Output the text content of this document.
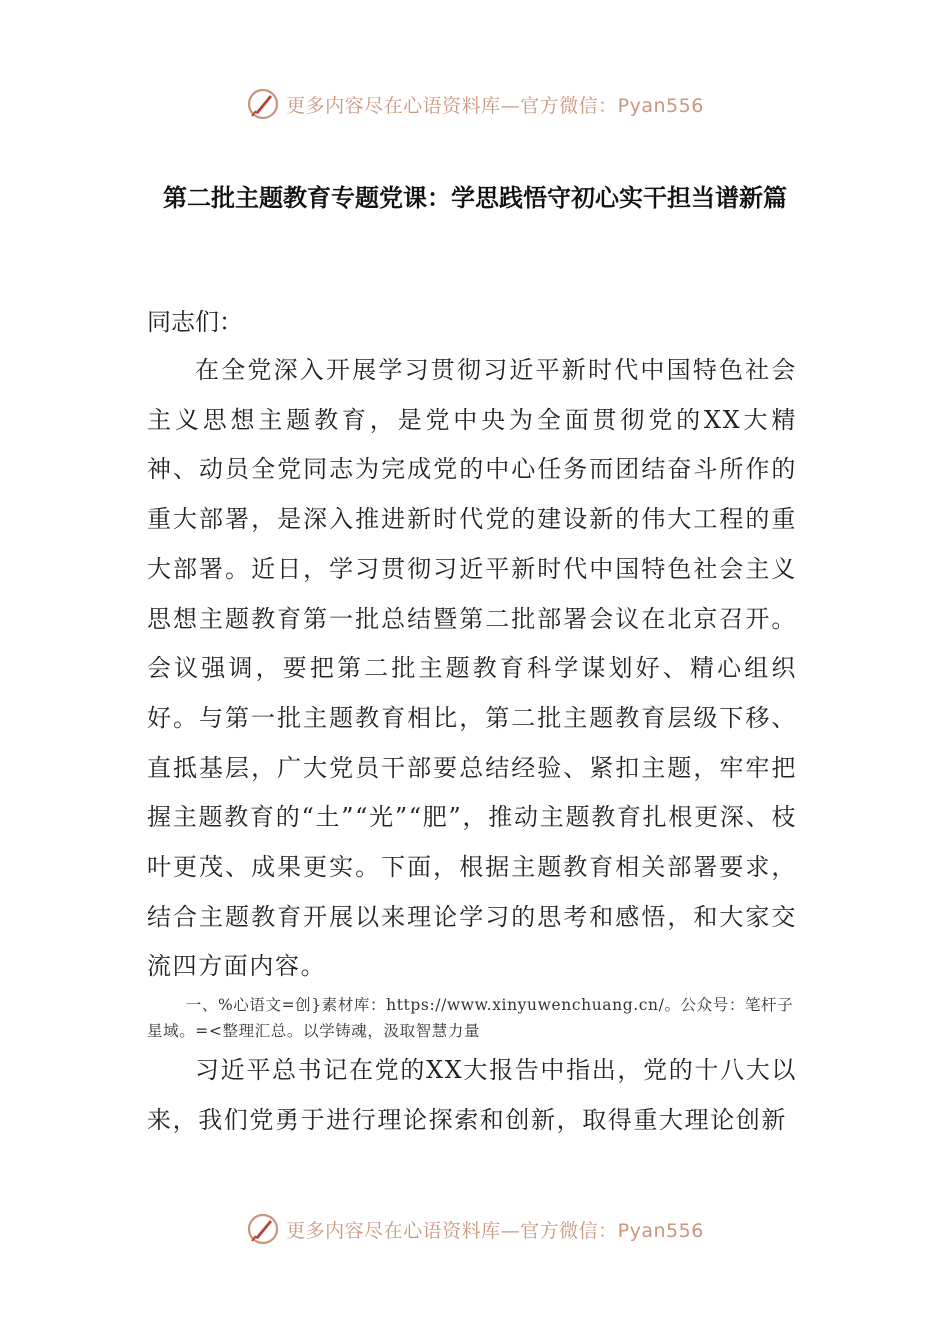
更多内容尽在心语资料库—官方微信：Pyan556
第二批主题教育专题党课：学思践悟守初心实干担当谱新篇
同志们：

在全党深入开展学习贯彻习近平新时代中国特色社会主义思想主题教育，是党中央为全面贯彻党的XX大精神、动员全党同志为完成党的中心任务而团结奋斗所作的重大部署，是深入推进新时代党的建设新的伟大工程的重大部署。近日，学习贯彻习近平新时代中国特色社会主义思想主题教育第一批总结暨第二批部署会议在北京召开。会议强调，要把第二批主题教育科学谋划好、精心组织好。与第一批主题教育相比，第二批主题教育层级下移、直抵基层，广大党员干部要总结经验、紧扣主题，牢牢把握主题教育的“土”“光”“肥”，推动主题教育扎根更深、枝叶更茂、成果更实。下面，根据主题教育相关部署要求，结合主题教育开展以来理论学习的思考和感悟，和大家交流四方面内容。

一、%心语文=创}素材库：https://www.xinyuwenchuang.cn/。公众号：笔杆子星域。=<整理汇总。以学铸魂，汲取智慧力量

习近平总书记在党的XX大报告中指出，党的十八大以来，我们党勇于进行理论探索和创新，取得重大理论创新

更多内容尽在心语资料库—官方微信：Pyan556
